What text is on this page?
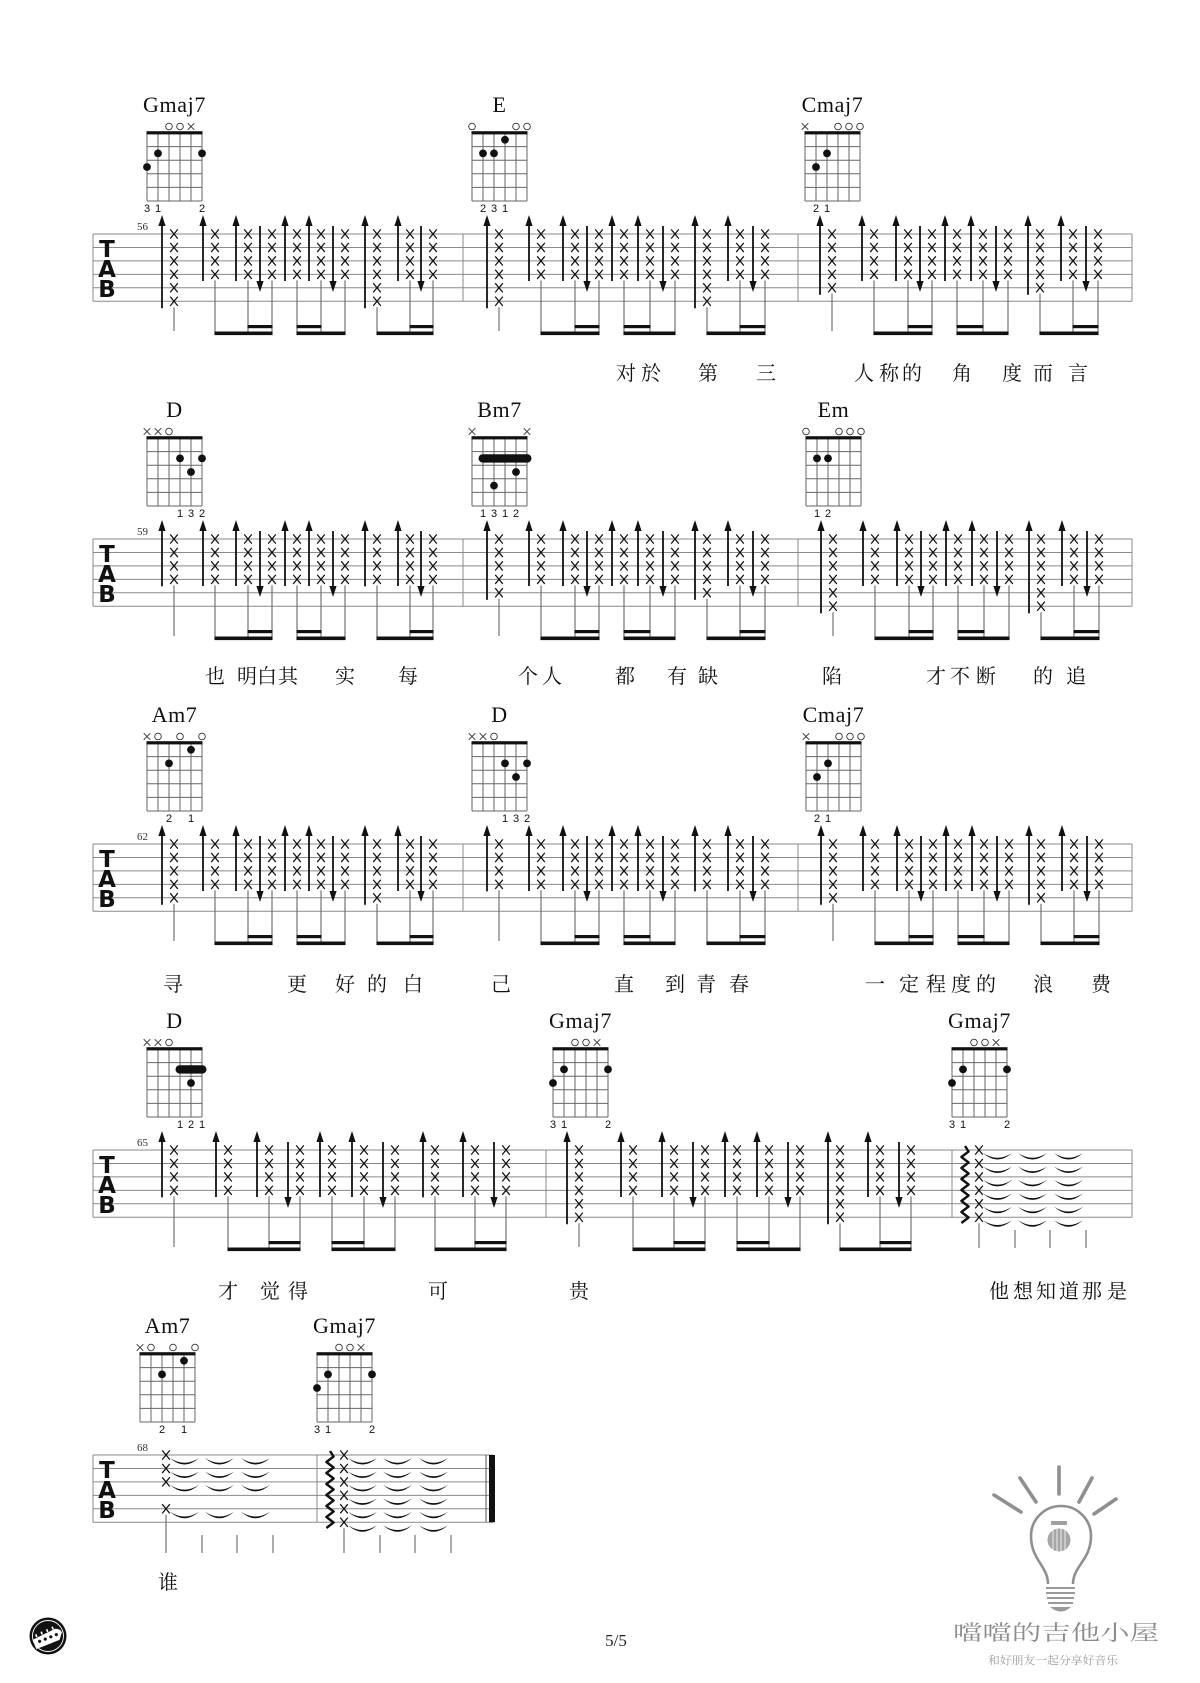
T
A
B
56
Gmaj7
3 1	2
E
2 3 1
Cmaj7
2 1
对 於 第 三	人 称 的 角 度 而 言
T
A
B
59
D
1 3 2
Bm7
1 3 1 2
Em
1 2
也 明 白 其 实 每	个 人	都 有 缺	陷	才 不 断 的 追
T
A
B
62
Am7
2 1
D
1 3 2
Cmaj7
2 1
寻	更 好 的 白	己	直 到 青 春	一 定 程 度 的 浪 费
T
A
B
65
D
1 2 1
Gmaj7
3 1	2
Gmaj7
3 1	2
才 觉 得	可	贵	他 想 知 道 那 是
T
A
B
68
Am7
2 1
Gmaj7
3 1	2
谁
5/5	噹噹的吉他小屋
和好朋友一起分享好音乐
